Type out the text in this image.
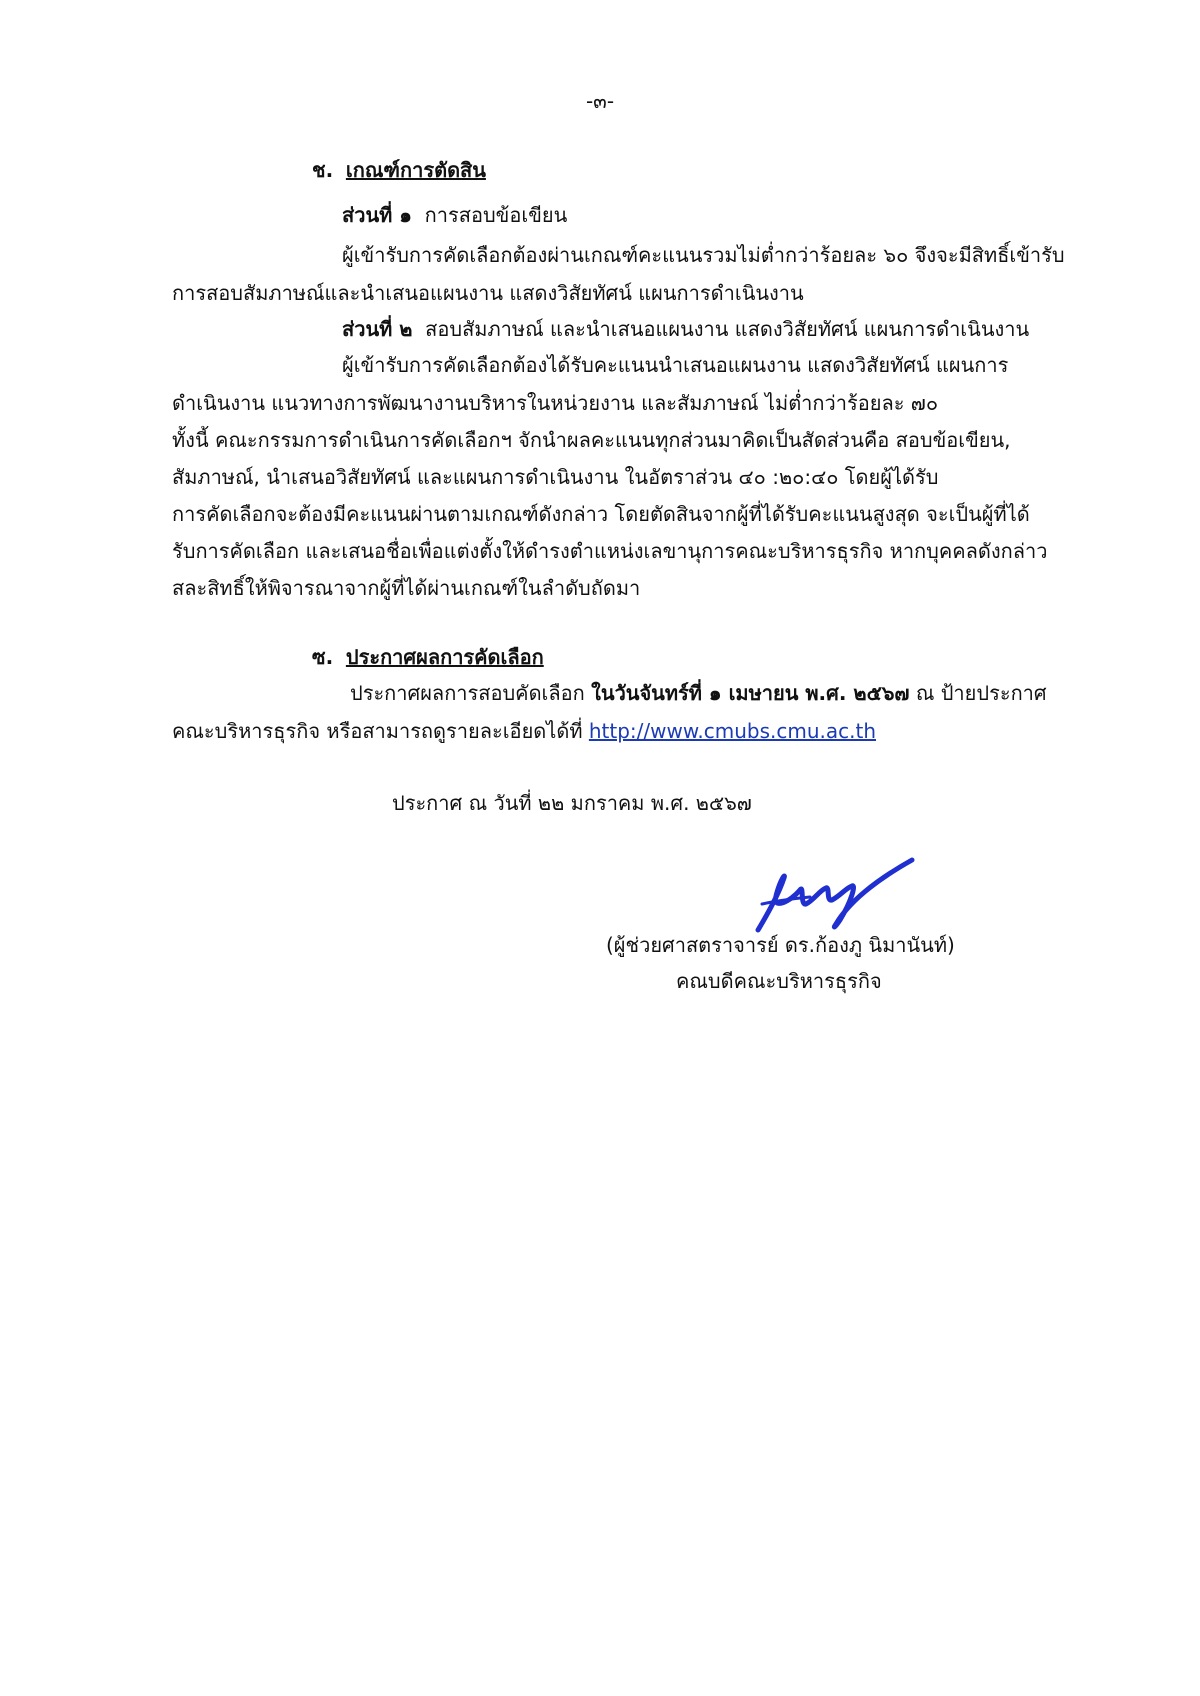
-๓-
ช. เกณฑ์การตัดสิน
ส่วนที่ ๑ การสอบข้อเขียน
ผู้เข้ารับการคัดเลือกต้องผ่านเกณฑ์คะแนนรวมไม่ต่ำกว่าร้อยละ ๖๐ จึงจะมีสิทธิ์เข้ารับ
การสอบสัมภาษณ์และนำเสนอแผนงาน แสดงวิสัยทัศน์ แผนการดำเนินงาน
ส่วนที่ ๒ สอบสัมภาษณ์ และนำเสนอแผนงาน แสดงวิสัยทัศน์ แผนการดำเนินงาน
ผู้เข้ารับการคัดเลือกต้องได้รับคะแนนนำเสนอแผนงาน แสดงวิสัยทัศน์ แผนการ
ดำเนินงาน แนวทางการพัฒนางานบริหารในหน่วยงาน และสัมภาษณ์ ไม่ต่ำกว่าร้อยละ ๗๐
ทั้งนี้ คณะกรรมการดำเนินการคัดเลือกฯ จักนำผลคะแนนทุกส่วนมาคิดเป็นสัดส่วนคือ สอบข้อเขียน,
สัมภาษณ์, นำเสนอวิสัยทัศน์ และแผนการดำเนินงาน ในอัตราส่วน ๔๐ :๒๐:๔๐ โดยผู้ได้รับ
การคัดเลือกจะต้องมีคะแนนผ่านตามเกณฑ์ดังกล่าว โดยตัดสินจากผู้ที่ได้รับคะแนนสูงสุด จะเป็นผู้ที่ได้
รับการคัดเลือก และเสนอชื่อเพื่อแต่งตั้งให้ดำรงตำแหน่งเลขานุการคณะบริหารธุรกิจ หากบุคคลดังกล่าว
สละสิทธิ์ให้พิจารณาจากผู้ที่ได้ผ่านเกณฑ์ในลำดับถัดมา
ซ. ประกาศผลการคัดเลือก
ประกาศผลการสอบคัดเลือก ในวันจันทร์ที่ ๑ เมษายน พ.ศ. ๒๕๖๗ ณ ป้ายประกาศ
คณะบริหารธุรกิจ หรือสามารถดูรายละเอียดได้ที่ http://www.cmubs.cmu.ac.th
ประกาศ ณ วันที่ ๒๒ มกราคม พ.ศ. ๒๕๖๗
(ผู้ช่วยศาสตราจารย์ ดร.ก้องภู นิมานันท์)
คณบดีคณะบริหารธุรกิจ
